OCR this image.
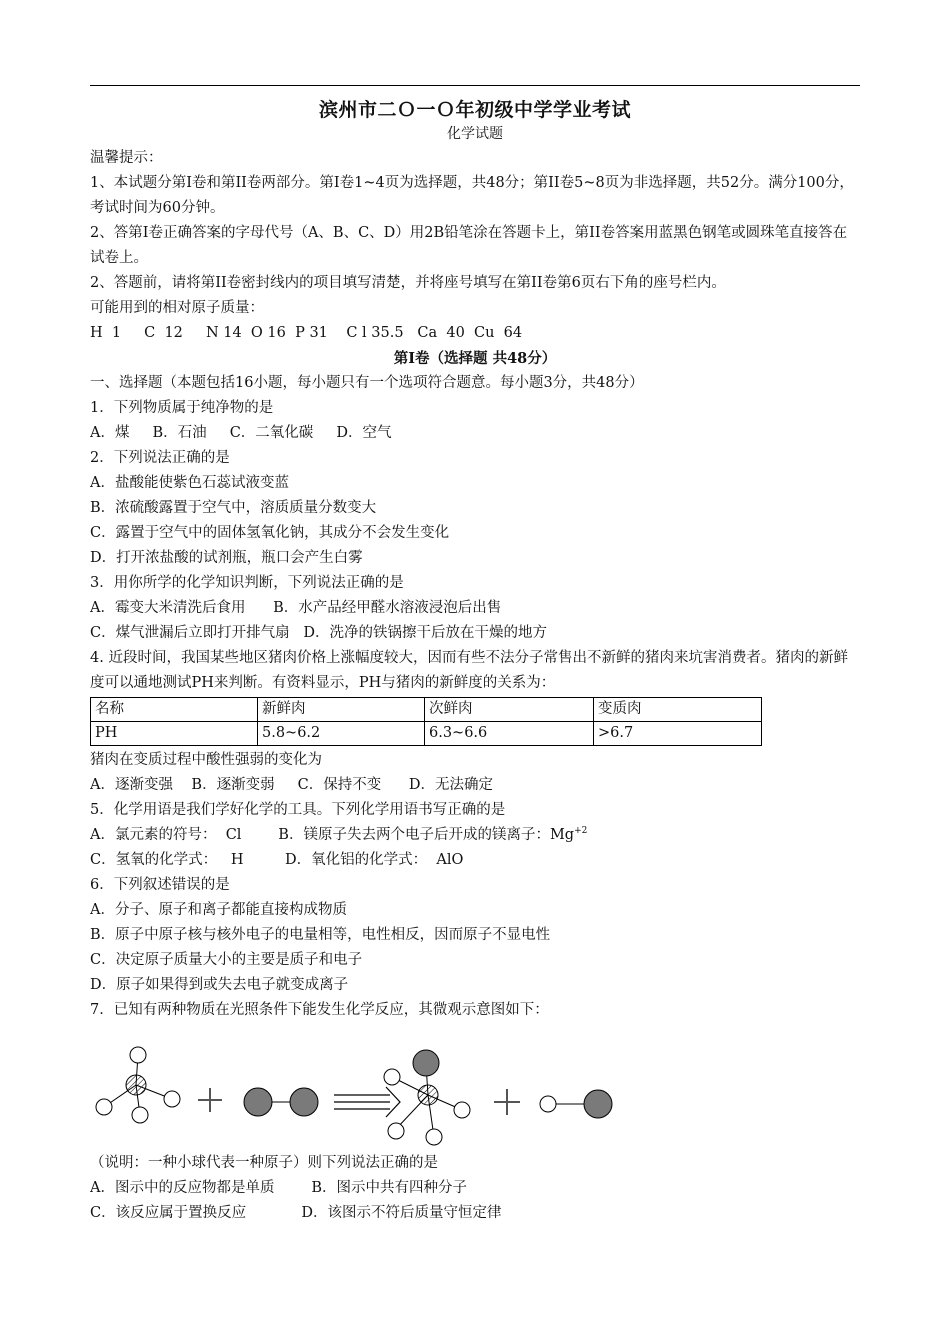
滨州市二Ｏ一Ｏ年初级中学学业考试
化学试题
温馨提示：
1、本试题分第I卷和第II卷两部分。第I卷1~4页为选择题，共48分；第II卷5~8页为非选择题，共52分。满分100分，考试时间为60分钟。
2、答第I卷正确答案的字母代号（A、B、C、D）用2B铅笔涂在答题卡上，第II卷答案用蓝黑色钢笔或圆珠笔直接答在试卷上。
2、答题前，请将第II卷密封线内的项目填写清楚，并将座号填写在第II卷第6页右下角的座号栏内。
可能用到的相对原子质量：
H  1     C  12     N 14  O 16  P 31    C l 35.5   Ca  40  Cu  64
第I卷（选择题 共48分）
一、选择题（本题包括16小题，每小题只有一个选项符合题意。每小题3分，共48分）
1．下列物质属于纯净物的是
A．煤     B．石油     C．二氧化碳     D．空气
2．下列说法正确的是
A．盐酸能使紫色石蕊试液变蓝
B．浓硫酸露置于空气中，溶质质量分数变大
C．露置于空气中的固体氢氧化钠，其成分不会发生变化
D．打开浓盐酸的试剂瓶，瓶口会产生白雾
3．用你所学的化学知识判断，下列说法正确的是
A．霉变大米清洗后食用      B．水产品经甲醛水溶液浸泡后出售
C．煤气泄漏后立即打开排气扇   D．洗净的铁锅擦干后放在干燥的地方
4. 近段时间，我国某些地区猪肉价格上涨幅度较大，因而有些不法分子常售出不新鲜的猪肉来坑害消费者。猪肉的新鲜度可以通地测试PH来判断。有资料显示，PH与猪肉的新鲜度的关系为：
名称	新鲜肉	次鲜肉	变质肉
PH	5.8~6.2	6.3~6.6	>6.7
猪肉在变质过程中酸性强弱的变化为
A．逐渐变强    B．逐渐变弱     C．保持不变      D．无法确定
5．化学用语是我们学好化学的工具。下列化学用语书写正确的是
A．氯元素的符号：  Cl        B．镁原子失去两个电子后开成的镁离子：$Mg^{+2}$
C．氢氧的化学式：   H         D．氧化铝的化学式：  AlO
6．下列叙述错误的是
A．分子、原子和离子都能直接构成物质
B．原子中原子核与核外电子的电量相等，电性相反，因而原子不显电性
C．决定原子质量大小的主要是质子和电子
D．原子如果得到或失去电子就变成离子
7．已知有两种物质在光照条件下能发生化学反应，其微观示意图如下：
（说明：一种小球代表一种原子）则下列说法正确的是
A．图示中的反应物都是单质        B．图示中共有四种分子
C．该反应属于置换反应            D．该图示不符后质量守恒定律
